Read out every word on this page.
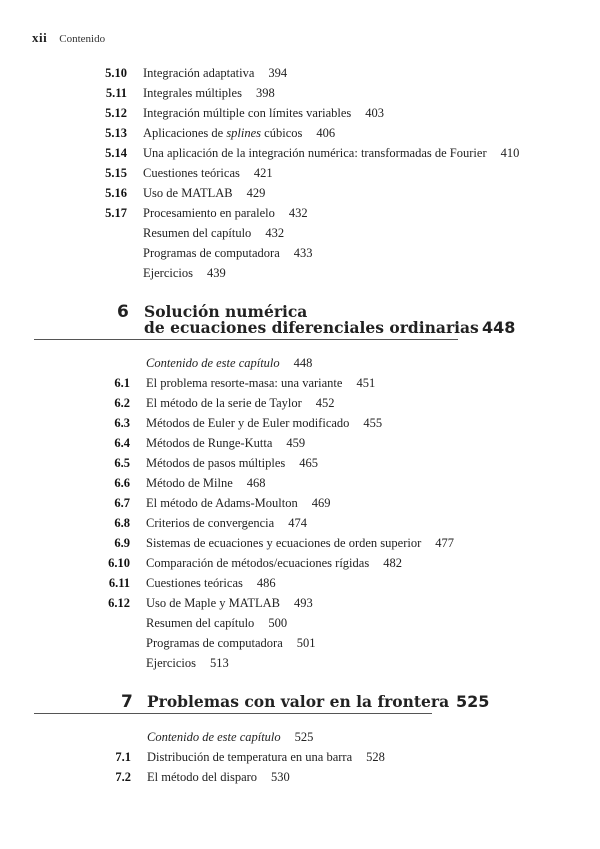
xii Contenido
5.10 Integración adaptativa 394
5.11 Integrales múltiples 398
5.12 Integración múltiple con límites variables 403
5.13 Aplicaciones de splines cúbicos 406
5.14 Una aplicación de la integración numérica: transformadas de Fourier 410
5.15 Cuestiones teóricas 421
5.16 Uso de MATLAB 429
5.17 Procesamiento en paralelo 432
Resumen del capítulo 432
Programas de computadora 433
Ejercicios 439
6 Solución numérica
de ecuaciones diferenciales ordinarias 448
Contenido de este capítulo 448
6.1 El problema resorte-masa: una variante 451
6.2 El método de la serie de Taylor 452
6.3 Métodos de Euler y de Euler modificado 455
6.4 Métodos de Runge-Kutta 459
6.5 Métodos de pasos múltiples 465
6.6 Método de Milne 468
6.7 El método de Adams-Moulton 469
6.8 Criterios de convergencia 474
6.9 Sistemas de ecuaciones y ecuaciones de orden superior 477
6.10 Comparación de métodos/ecuaciones rígidas 482
6.11 Cuestiones teóricas 486
6.12 Uso de Maple y MATLAB 493
Resumen del capítulo 500
Programas de computadora 501
Ejercicios 513
7 Problemas con valor en la frontera 525
Contenido de este capítulo 525
7.1 Distribución de temperatura en una barra 528
7.2 El método del disparo 530
